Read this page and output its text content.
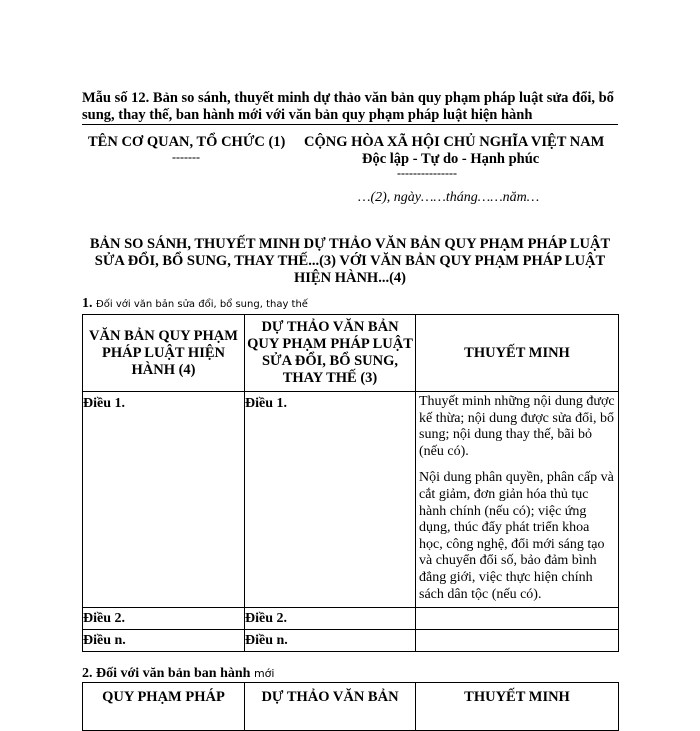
Mẫu số 12. Bản so sánh, thuyết minh dự thảo văn bản quy phạm pháp luật sửa đổi, bổ sung, thay thế, ban hành mới với văn bản quy phạm pháp luật hiện hành
TÊN CƠ QUAN, TỔ CHỨC (1)
-------
CỘNG HÒA XÃ HỘI CHỦ NGHĨA VIỆT NAM
Độc lập - Tự do - Hạnh phúc
---------------
…(2), ngày……tháng……năm…
BẢN SO SÁNH, THUYẾT MINH DỰ THẢO VĂN BẢN QUY PHẠM PHÁP LUẬT SỬA ĐỔI, BỔ SUNG, THAY THẾ...(3) VỚI VĂN BẢN QUY PHẠM PHÁP LUẬT HIỆN HÀNH...(4)
1. Đối với văn bản sửa đổi, bổ sung, thay thế
VĂN BẢN QUY PHẠM PHÁP LUẬT HIỆN HÀNH (4)	DỰ THẢO VĂN BẢN QUY PHẠM PHÁP LUẬT SỬA ĐỔI, BỔ SUNG, THAY THẾ (3)	THUYẾT MINH
Điều 1.	Điều 1.	Thuyết minh những nội dung được kế thừa; nội dung được sửa đổi, bổ sung; nội dung thay thế, bãi bỏ (nếu có).

Nội dung phân quyền, phân cấp và cắt giảm, đơn giản hóa thủ tục hành chính (nếu có); việc ứng dụng, thúc đẩy phát triển khoa học, công nghệ, đổi mới sáng tạo và chuyển đổi số, bảo đảm bình đẳng giới, việc thực hiện chính sách dân tộc (nếu có).

Điều 2.	Điều 2.	
Điều n.	Điều n.	
2. Đối với văn bản ban hành mới
QUY PHẠM PHÁP	DỰ THẢO VĂN BẢN	THUYẾT MINH
